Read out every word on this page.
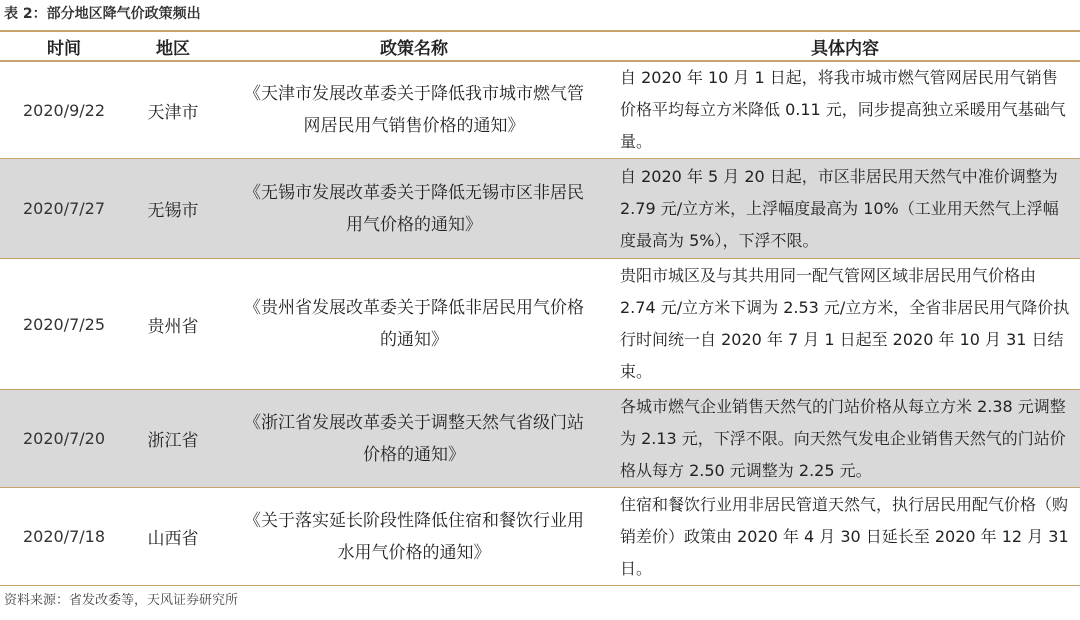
表 2：部分地区降气价政策频出
时间	地区	政策名称	具体内容
2020/9/22	天津市	《天津市发展改革委关于降低我市城市燃气管网居民用气销售价格的通知》	自 2020 年 10 月 1 日起，将我市城市燃气管网居民用气销售价格平均每立方米降低 0.11 元，同步提高独立采暖用气基础气量。
2020/7/27	无锡市	《无锡市发展改革委关于降低无锡市区非居民用气价格的通知》	自 2020 年 5 月 20 日起，市区非居民用天然气中准价调整为 2.79 元/立方米，上浮幅度最高为 10%（工业用天然气上浮幅度最高为 5%），下浮不限。
2020/7/25	贵州省	《贵州省发展改革委关于降低非居民用气价格的通知》	贵阳市城区及与其共用同一配气管网区域非居民用气价格由 2.74 元/立方米下调为 2.53 元/立方米，全省非居民用气降价执行时间统一自 2020 年 7 月 1 日起至 2020 年 10 月 31 日结束。
2020/7/20	浙江省	《浙江省发展改革委关于调整天然气省级门站价格的通知》	各城市燃气企业销售天然气的门站价格从每立方米 2.38 元调整为 2.13 元，下浮不限。向天然气发电企业销售天然气的门站价格从每方 2.50 元调整为 2.25 元。
2020/7/18	山西省	《关于落实延长阶段性降低住宿和餐饮行业用水用气价格的通知》	住宿和餐饮行业用非居民管道天然气，执行居民用配气价格（购销差价）政策由 2020 年 4 月 30 日延长至 2020 年 12 月 31 日。
资料来源：省发改委等，天风证券研究所
